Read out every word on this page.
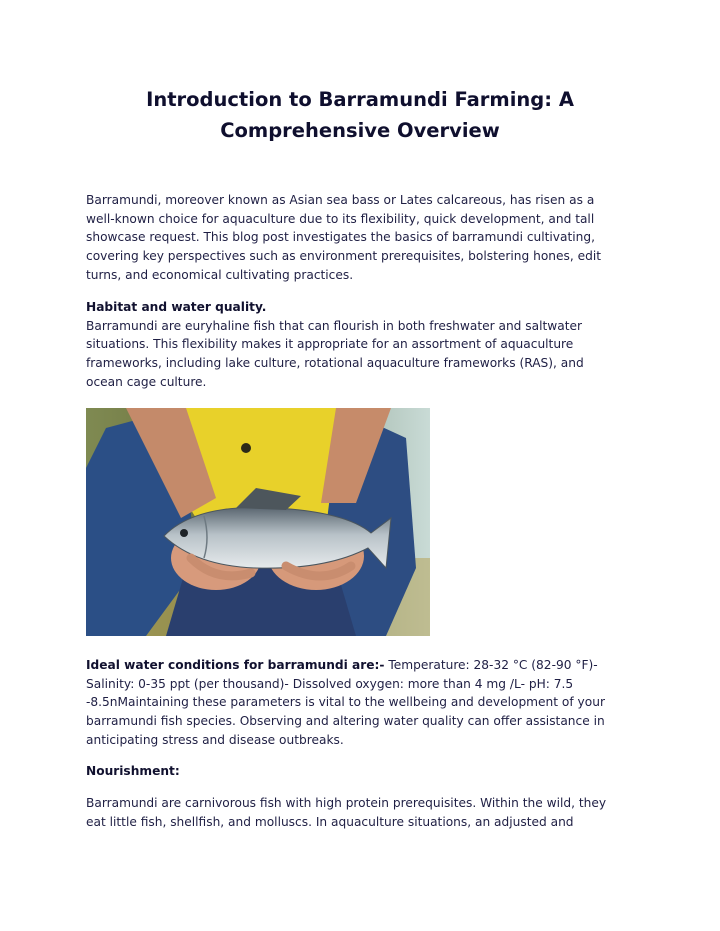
Introduction to Barramundi Farming: A
Comprehensive Overview

Barramundi, moreover known as Asian sea bass or Lates calcareous, has risen as a
well-known choice for aquaculture due to its flexibility, quick development, and tall
showcase request. This blog post investigates the basics of barramundi cultivating,
covering key perspectives such as environment prerequisites, bolstering hones, edit
turns, and economical cultivating practices.

Habitat and water quality.
Barramundi are euryhaline fish that can flourish in both freshwater and saltwater
situations. This flexibility makes it appropriate for an assortment of aquaculture
frameworks, including lake culture, rotational aquaculture frameworks (RAS), and
ocean cage culture.

Ideal water conditions for barramundi are:- Temperature: 28-32 °C (82-90 °F)-
Salinity: 0-35 ppt (per thousand)- Dissolved oxygen: more than 4 mg /L- pH: 7.5
-8.5nMaintaining these parameters is vital to the wellbeing and development of your
barramundi fish species. Observing and altering water quality can offer assistance in
anticipating stress and disease outbreaks.

Nourishment:

Barramundi are carnivorous fish with high protein prerequisites. Within the wild, they
eat little fish, shellfish, and molluscs. In aquaculture situations, an adjusted and
